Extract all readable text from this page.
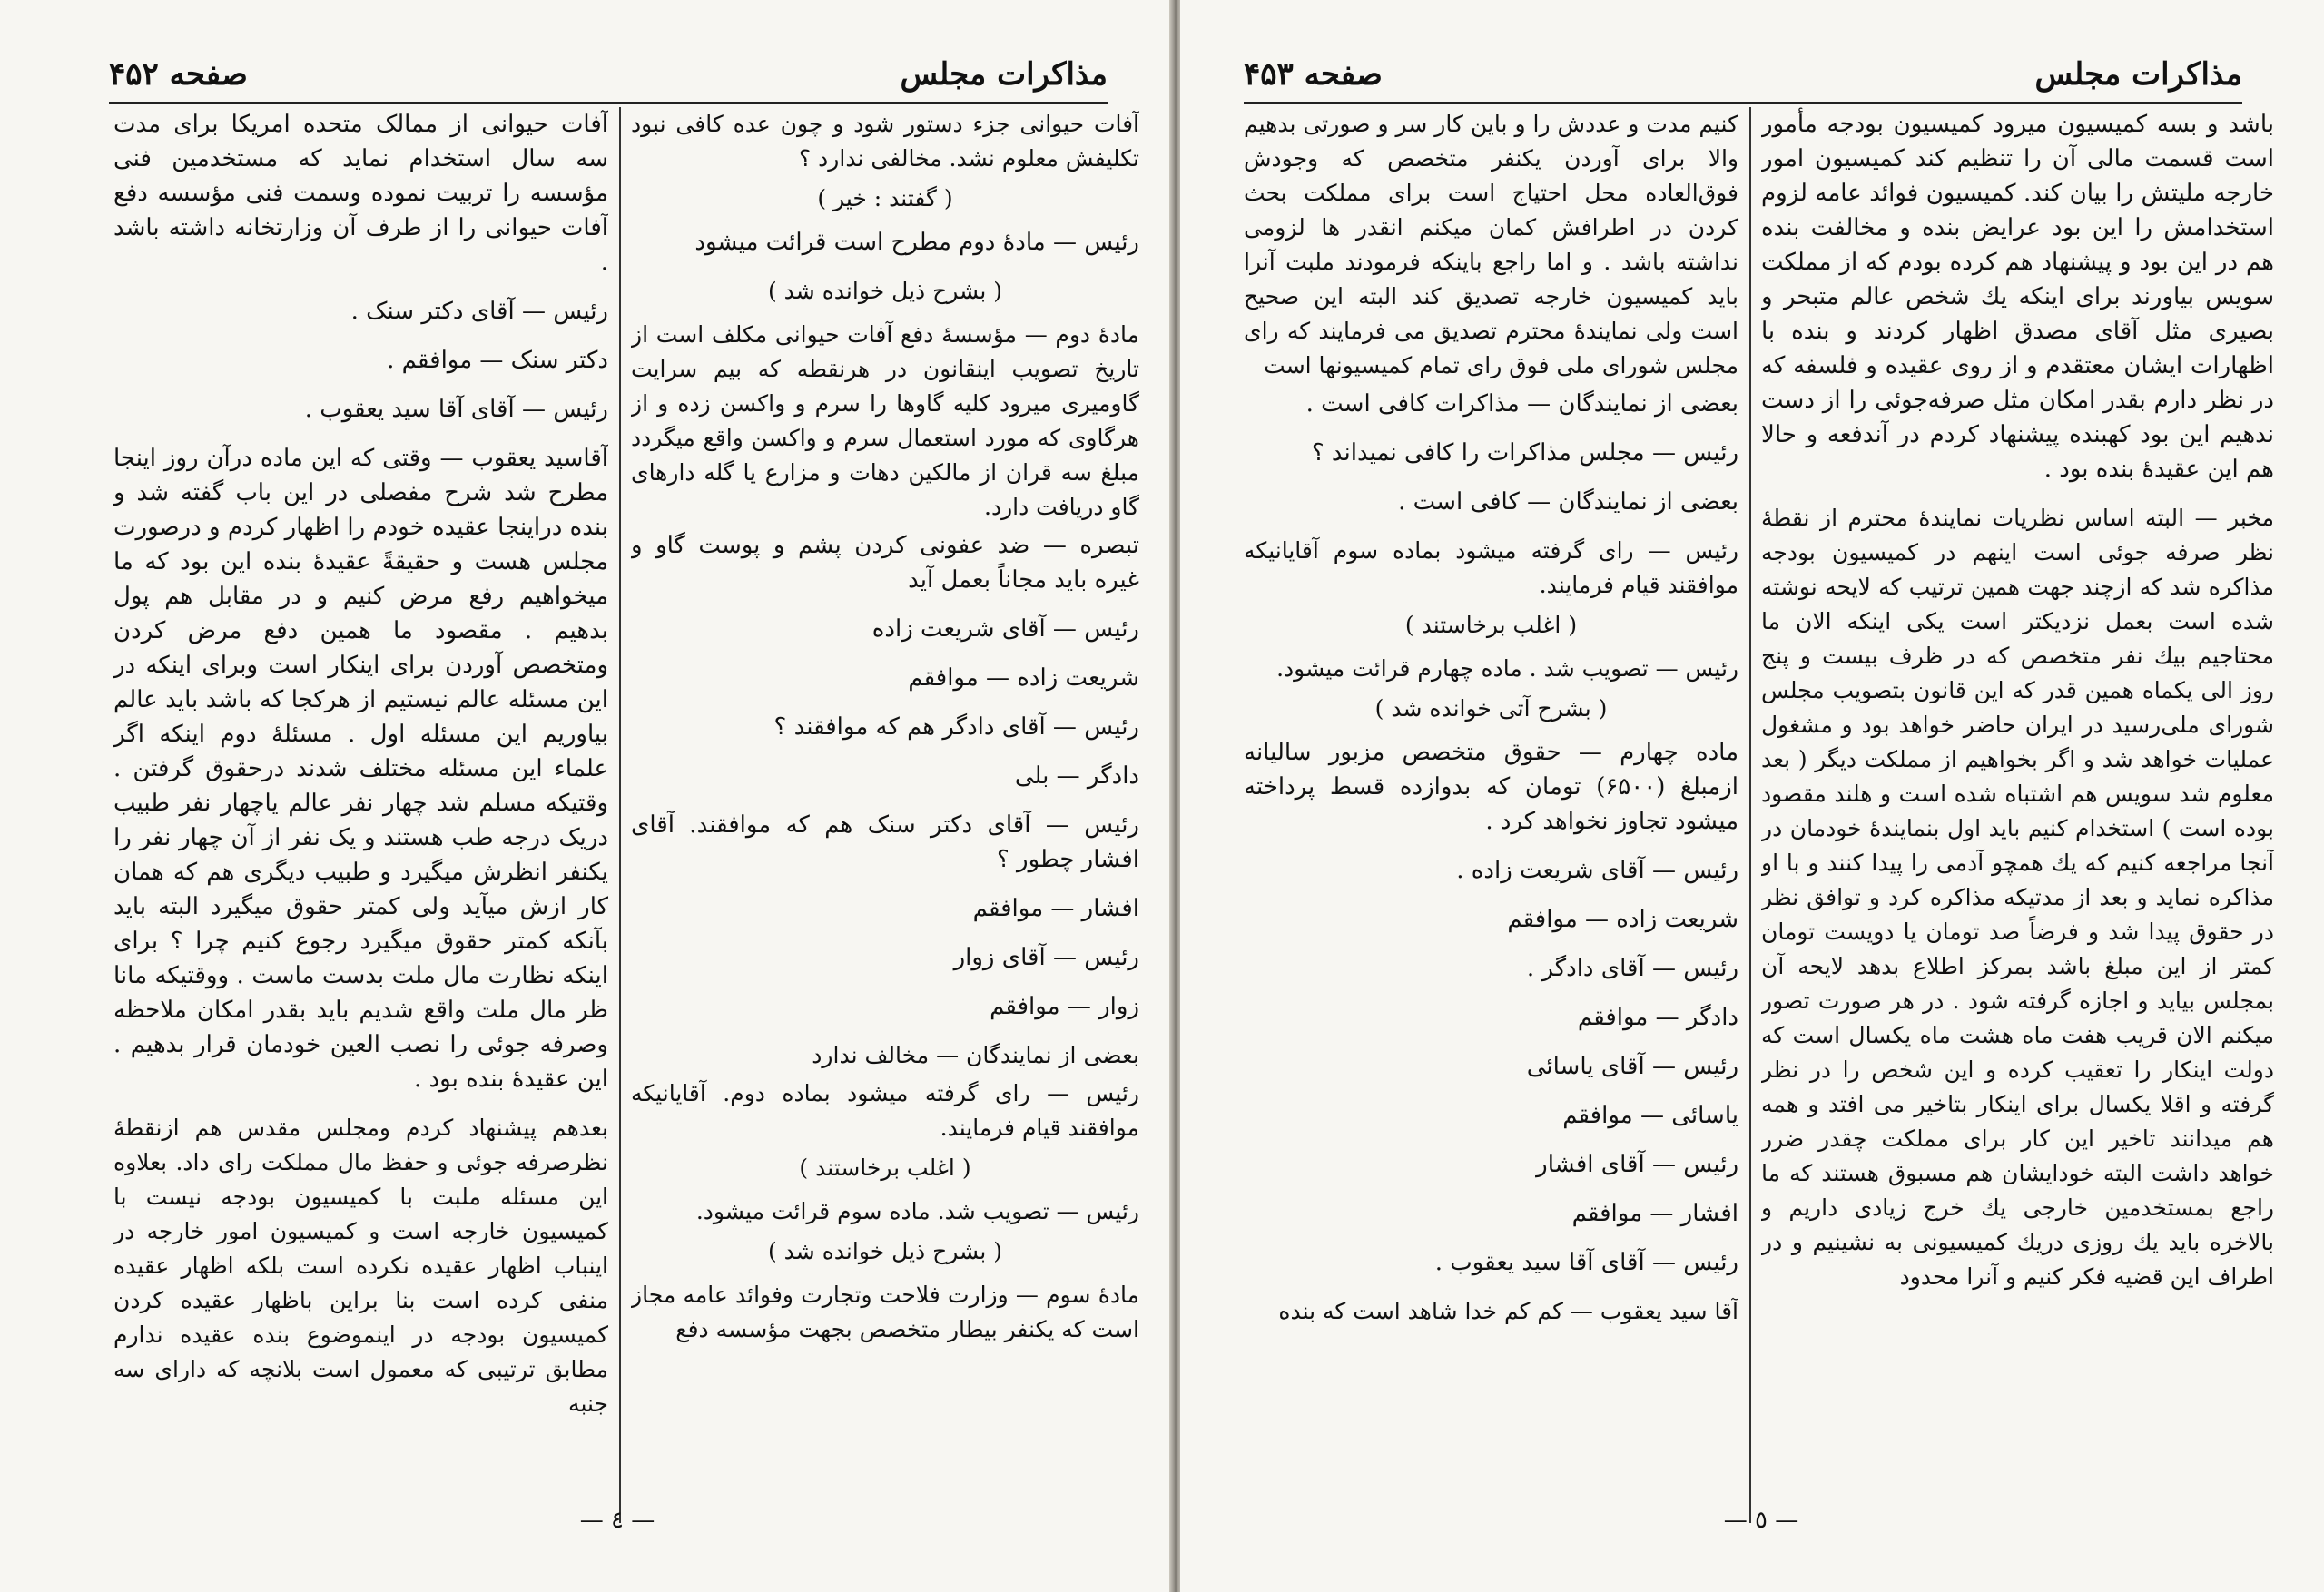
مذاکرات مجلس
صفحه ۴۵۲

آفات حیوانی جزء دستور شود و چون عده کافی نبود تکلیفش معلوم نشد. مخالفی ندارد ؟

( گفتند : خیر )

رئیس — مادهٔ دوم مطرح است قرائت میشود

( بشرح ذیل خوانده شد )

مادهٔ دوم — مؤسسهٔ دفع آفات حیوانی مکلف است از تاریخ تصویب اینقانون در هرنقطه که بیم سرایت گاومیری میرود کلیه گاوها را سرم و واکسن زده و از هرگاوی که مورد استعمال سرم و واکسن واقع میگردد مبلغ سه قران از مالکین دهات و مزارع یا گله دارهای گاو دریافت دارد.

تبصره — ضد عفونی کردن پشم و پوست گاو و غیره باید مجاناً بعمل آید

رئیس — آقای شریعت زاده

شریعت زاده — موافقم

رئیس — آقای دادگر هم که موافقند ؟

دادگر — بلی

رئیس — آقای دکتر سنک هم که موافقند. آقای افشار چطور ؟

افشار — موافقم

رئیس — آقای زوار

زوار — موافقم

بعضی از نمایندگان — مخالف ندارد

رئیس — رای گرفته میشود بماده دوم. آقایانیکه موافقند قیام فرمایند.

( اغلب برخاستند )

رئیس — تصویب شد. ماده سوم قرائت میشود.

( بشرح ذیل خوانده شد )

مادهٔ سوم — وزارت فلاحت وتجارت وفوائد عامه مجاز است که یکنفر بیطار متخصص بجهت مؤسسه دفع

آفات حیوانی از ممالک متحده امریکا برای مدت سه سال استخدام نماید که مستخدمین فنی مؤسسه را تربیت نموده وسمت فنی مؤسسه دفع آفات حیوانی را از طرف آن وزارتخانه داشته باشد .

رئیس — آقای دکتر سنک .

دکتر سنک — موافقم .

رئیس — آقای آقا سید یعقوب .

آقاسید یعقوب — وقتی که این ماده درآن روز اینجا مطرح شد شرح مفصلی در این باب گفته شد و بنده دراینجا عقیده خودم را اظهار کردم و درصورت مجلس هست و حقیقةً عقیدهٔ بنده این بود که ما میخواهیم رفع مرض کنیم و در مقابل هم پول بدهیم . مقصود ما همین دفع مرض کردن ومتخصص آوردن برای اینکار است وبرای اینکه در این مسئله عالم نیستیم از هرکجا که باشد باید عالم بیاوریم این مسئله اول . مسئلهٔ دوم اینکه اگر علماء این مسئله مختلف شدند درحقوق گرفتن . وقتیکه مسلم شد چهار نفر عالم یاچهار نفر طبیب دریک درجه طب هستند و یک نفر از آن چهار نفر را یکنفر انظرش میگیرد و طبیب دیگری هم که همان کار ازش میآید ولی کمتر حقوق میگیرد البته باید بآنکه کمتر حقوق میگیرد رجوع کنیم چرا ؟ برای اینکه نظارت مال ملت بدست ماست . ووقتیکه مانا ظر مال ملت واقع شدیم باید بقدر امکان ملاحظه وصرفه جوئی را نصب العین خودمان قرار بدهیم . این عقیدهٔ بنده بود .

بعدهم پیشنهاد کردم ومجلس مقدس هم ازنقطهٔ نظرصرفه جوئی و حفظ مال مملکت رای داد. بعلاوه این مسئله ملبت با کمیسیون بودجه نیست با کمیسیون خارجه است و کمیسیون امور خارجه در اینباب اظهار عقیده نکرده است بلکه اظهار عقیده منفی کرده است بنا براین باظهار عقیده کردن کمیسیون بودجه در اینموضوع بنده عقیده ندارم مطابق ترتیبی که معمول است بلانچه که دارای سه جنبه

— ٤ —
مذاکرات مجلس
صفحه ۴۵۳

باشد و بسه کمیسیون میرود کمیسیون بودجه مأمور است قسمت مالی آن را تنظیم کند کمیسیون امور خارجه ملیتش را بیان کند. کمیسیون فوائد عامه لزوم استخدامش را این بود عرایض بنده و مخالفت بنده هم در این بود و پیشنهاد هم کرده بودم که از مملکت سویس بیاورند برای اینکه یك شخص عالم متبحر و بصیری مثل آقای مصدق اظهار کردند و بنده با اظهارات ایشان معتقدم و از روی عقیده و فلسفه که در نظر دارم بقدر امکان مثل صرفه‌جوئی را از دست ندهیم این بود کهبنده پیشنهاد کردم در آندفعه و حالا هم این عقیدهٔ بنده بود .

مخبر — البته اساس نظریات نمایندهٔ محترم از نقطهٔ نظر صرفه جوئی است اینهم در کمیسیون بودجه مذاکره شد که ازچند جهت همین ترتیب که لایحه نوشته شده است بعمل نزدیکتر است یکی اینکه الان ما محتاجیم بیك نفر متخصص که در ظرف بیست و پنج روز الی یکماه همین قدر که این قانون بتصویب مجلس شورای ملی‌رسید در ایران حاضر خواهد بود و مشغول عملیات خواهد شد و اگر بخواهیم از مملکت دیگر ( بعد معلوم شد سویس هم اشتباه شده است و هلند مقصود بوده است ) استخدام کنیم باید اول بنمایندهٔ خودمان در آنجا مراجعه کنیم که یك همچو آدمی را پیدا کنند و با او مذاکره نماید و بعد از مدتیکه مذاکره کرد و توافق نظر در حقوق پیدا شد و فرضاً صد تومان یا دویست تومان کمتر از این مبلغ باشد بمرکز اطلاع بدهد لایحه آن بمجلس بیاید و اجازه گرفته شود . در هر صورت تصور میکنم الان قریب هفت ماه هشت ماه یکسال است که دولت اینکار را تعقیب کرده و این شخص را در نظر گرفته و اقلا یکسال برای اینکار بتاخیر می افتد و همه هم میدانند تاخیر این کار برای مملکت چقدر ضرر خواهد داشت البته خودایشان هم مسبوق هستند که ما راجع بمستخدمین خارجی یك خرج زیادی داریم و بالاخره باید یك روزی دریك کمیسیونی به نشینیم و در اطراف این قضیه فکر کنیم و آنرا محدود

کنیم مدت و عددش را و باین کار سر و صورتی بدهیم والا برای آوردن یکنفر متخصص که وجودش فوق‌العاده محل احتیاج است برای مملکت بحث کردن در اطرافش کمان میکنم انقدر ها لزومی نداشته باشد . و اما راجع باینکه فرمودند ملبت آنرا باید کمیسیون خارجه تصدیق کند البته این صحیح است ولی نمایندهٔ محترم تصدیق می فرمایند که رای مجلس شورای ملی فوق رای تمام کمیسیونها است

بعضی از نمایندگان — مذاکرات کافی است .

رئیس — مجلس مذاکرات را کافی نمیداند ؟

بعضی از نمایندگان — کافی است .

رئیس — رای گرفته میشود بماده سوم آقایانیکه موافقند قیام فرمایند.

( اغلب برخاستند )

رئیس — تصویب شد . ماده چهارم قرائت میشود.

( بشرح آتی خوانده شد )

ماده چهارم — حقوق متخصص مزبور سالیانه ازمبلغ (۶۵۰۰) تومان که بدوازده قسط پرداخته میشود تجاوز نخواهد کرد .

رئیس — آقای شریعت زاده .

شریعت زاده — موافقم

رئیس — آقای دادگر .

دادگر — موافقم

رئیس — آقای یاسائی

یاسائی — موافقم

رئیس — آقای افشار

افشار — موافقم

رئیس — آقای آقا سید یعقوب .

آقا سید یعقوب — کم کم خدا شاهد است که بنده

— ٥ —
